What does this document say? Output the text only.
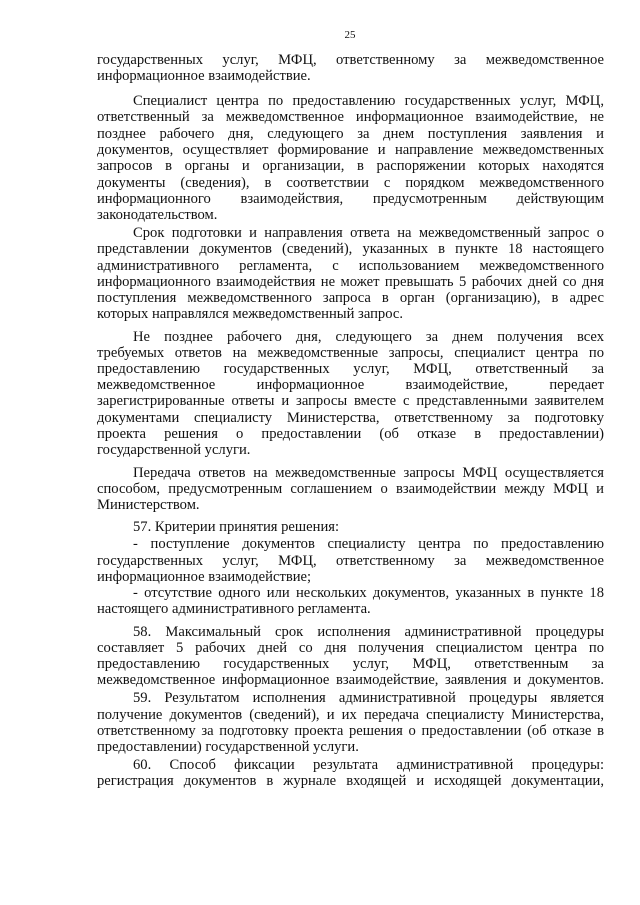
25
государственных услуг, МФЦ, ответственному за межведомственное
информационное взаимодействие.
Специалист центра по предоставлению государственных услуг, МФЦ,
ответственный за межведомственное информационное взаимодействие, не
позднее рабочего дня, следующего за днем поступления заявления и
документов, осуществляет формирование и направление межведомственных
запросов в органы и организации, в распоряжении которых находятся
документы (сведения), в соответствии с порядком межведомственного
информационного взаимодействия, предусмотренным действующим
законодательством.
Срок подготовки и направления ответа на межведомственный запрос о
представлении документов (сведений), указанных в пункте 18 настоящего
административного регламента, с использованием межведомственного
информационного взаимодействия не может превышать 5 рабочих дней со дня
поступления межведомственного запроса в орган (организацию), в адрес
которых направлялся межведомственный запрос.
Не позднее рабочего дня, следующего за днем получения всех
требуемых ответов на межведомственные запросы, специалист центра по
предоставлению государственных услуг, МФЦ, ответственный за
межведомственное информационное взаимодействие, передает
зарегистрированные ответы и запросы вместе с представленными заявителем
документами специалисту Министерства, ответственному за подготовку
проекта решения о предоставлении (об отказе в предоставлении)
государственной услуги.
Передача ответов на межведомственные запросы МФЦ осуществляется
способом, предусмотренным соглашением о взаимодействии между МФЦ и
Министерством.
57. Критерии принятия решения:
- поступление документов специалисту центра по предоставлению
государственных услуг, МФЦ, ответственному за межведомственное
информационное взаимодействие;
- отсутствие одного или нескольких документов, указанных в пункте 18
настоящего административного регламента.
58. Максимальный срок исполнения административной процедуры
составляет 5 рабочих дней со дня получения специалистом центра по
предоставлению государственных услуг, МФЦ, ответственным за
межведомственное информационное взаимодействие, заявления и документов.
59. Результатом исполнения административной процедуры является
получение документов (сведений), и их передача специалисту Министерства,
ответственному за подготовку проекта решения о предоставлении (об отказе в
предоставлении) государственной услуги.
60. Способ фиксации результата административной процедуры:
регистрация документов в журнале входящей и исходящей документации,
